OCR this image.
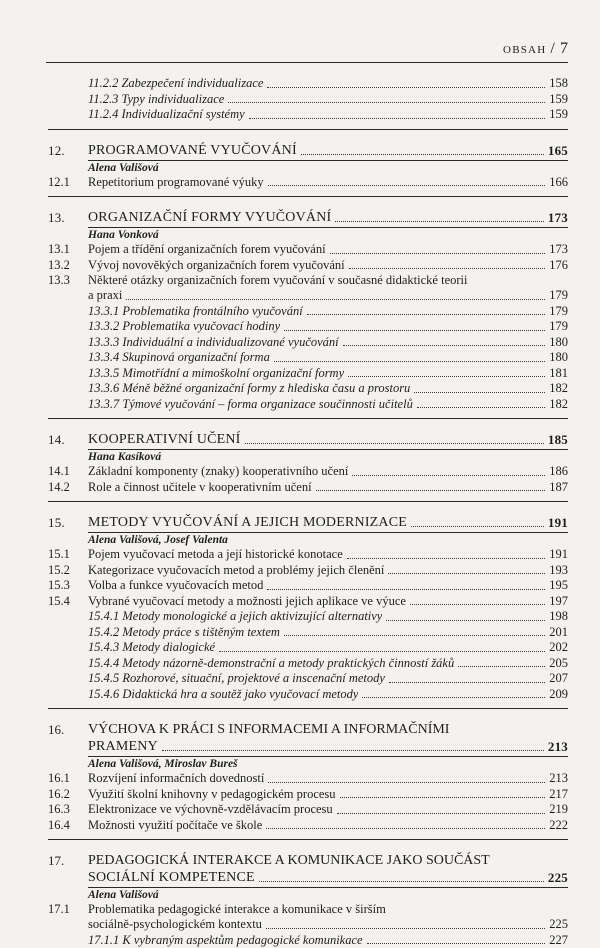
OBSAH / 7
11.2.2 Zabezpečení individualizace	158
11.2.3 Typy individualizace	159
11.2.4 Individualizační systémy	159
12.	PROGRAMOVANÉ VYUČOVÁNÍ	165
Alena Vališová
12.1	Repetitorium programované výuky	166
13.	ORGANIZAČNÍ FORMY VYUČOVÁNÍ	173
Hana Vonková
13.1	Pojem a třídění organizačních forem vyučování	173
13.2	Vývoj novověkých organizačních forem vyučování	176
13.3	Některé otázky organizačních forem vyučování v současné didaktické teorii
a praxi	179
13.3.1 Problematika frontálního vyučování	179
13.3.2 Problematika vyučovací hodiny	179
13.3.3 Individuální a individualizované vyučování	180
13.3.4 Skupinová organizační forma	180
13.3.5 Mimotřídní a mimoškolní organizační formy	181
13.3.6 Méně běžné organizační formy z hlediska času a prostoru	182
13.3.7 Týmové vyučování – forma organizace součinnosti učitelů	182
14.	KOOPERATIVNÍ UČENÍ	185
Hana Kasíková
14.1	Základní komponenty (znaky) kooperativního učení	186
14.2	Role a činnost učitele v kooperativním učení	187
15.	METODY VYUČOVÁNÍ A JEJICH MODERNIZACE	191
Alena Vališová, Josef Valenta
15.1	Pojem vyučovací metoda a její historické konotace	191
15.2	Kategorizace vyučovacích metod a problémy jejich členění	193
15.3	Volba a funkce vyučovacích metod	195
15.4	Vybrané vyučovací metody a možnosti jejich aplikace ve výuce	197
15.4.1 Metody monologické a jejich aktivizující alternativy	198
15.4.2 Metody práce s tištěným textem	201
15.4.3 Metody dialogické	202
15.4.4 Metody názorně-demonstrační a metody praktických činností žáků	205
15.4.5 Rozhorové, situační, projektové a inscenační metody	207
15.4.6 Didaktická hra a soutěž jako vyučovací metody	209
16.	VÝCHOVA K PRÁCI S INFORMACEMI A INFORMAČNÍMI
PRAMENY	213
Alena Vališová, Miroslav Bureš
16.1	Rozvíjení informačních dovedností	213
16.2	Využití školní knihovny v pedagogickém procesu	217
16.3	Elektronizace ve výchovně-vzdělávacím procesu	219
16.4	Možnosti využití počítače ve škole	222
17.	PEDAGOGICKÁ INTERAKCE A KOMUNIKACE JAKO SOUČÁST
SOCIÁLNÍ KOMPETENCE	225
Alena Vališová
17.1	Problematika pedagogické interakce a komunikace v širším
sociálně-psychologickém kontextu	225
17.1.1 K vybraným aspektům pedagogické komunikace	227
